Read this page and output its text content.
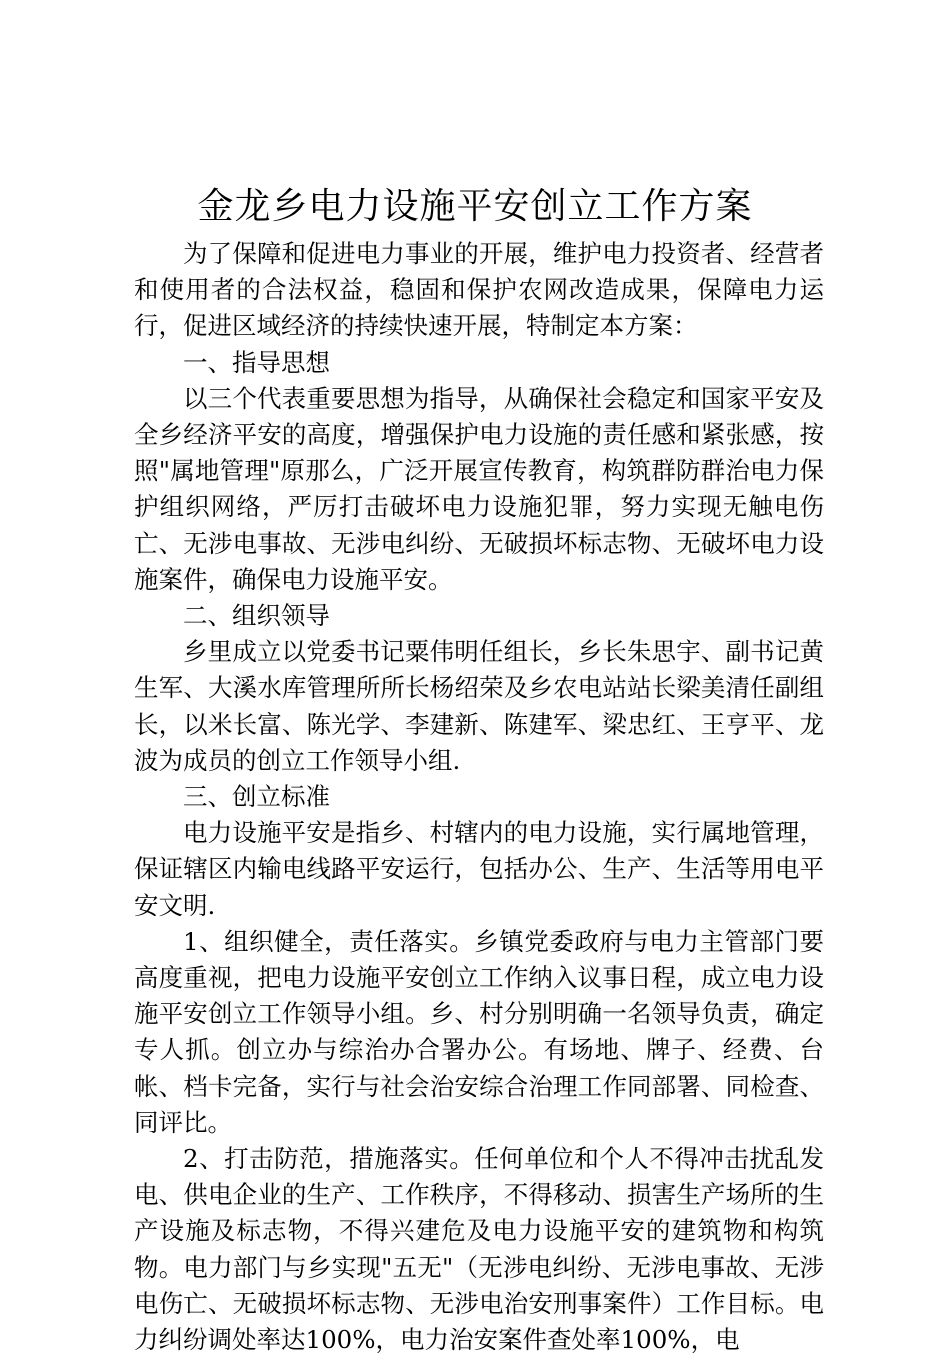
金龙乡电力设施平安创立工作方案

为了保障和促进电力事业的开展，维护电力投资者、经营者和使用者的合法权益，稳固和保护农网改造成果，保障电力运行，促进区域经济的持续快速开展，特制定本方案：

一、指导思想

以三个代表重要思想为指导，从确保社会稳定和国家平安及全乡经济平安的高度，增强保护电力设施的责任感和紧张感，按照"属地管理"原那么，广泛开展宣传教育，构筑群防群治电力保护组织网络，严厉打击破坏电力设施犯罪，努力实现无触电伤亡、无涉电事故、无涉电纠纷、无破损坏标志物、无破坏电力设施案件，确保电力设施平安。

二、组织领导

乡里成立以党委书记粟伟明任组长，乡长朱思宇、副书记黄生军、大溪水库管理所所长杨绍荣及乡农电站站长梁美清任副组长，以米长富、陈光学、李建新、陈建军、梁忠红、王亨平、龙波为成员的创立工作领导小组.

三、创立标准

电力设施平安是指乡、村辖内的电力设施，实行属地管理，保证辖区内输电线路平安运行，包括办公、生产、生活等用电平安文明.

1、组织健全，责任落实。乡镇党委政府与电力主管部门要高度重视，把电力设施平安创立工作纳入议事日程，成立电力设施平安创立工作领导小组。乡、村分别明确一名领导负责，确定专人抓。创立办与综治办合署办公。有场地、牌子、经费、台帐、档卡完备，实行与社会治安综合治理工作同部署、同检查、同评比。

2、打击防范，措施落实。任何单位和个人不得冲击扰乱发电、供电企业的生产、工作秩序，不得移动、损害生产场所的生产设施及标志物，不得兴建危及电力设施平安的建筑物和构筑物。电力部门与乡实现"五无"（无涉电纠纷、无涉电事故、无涉电伤亡、无破损坏标志物、无涉电治安刑事案件）工作目标。电力纠纷调处率达100%，电力治安案件查处率100%，电
